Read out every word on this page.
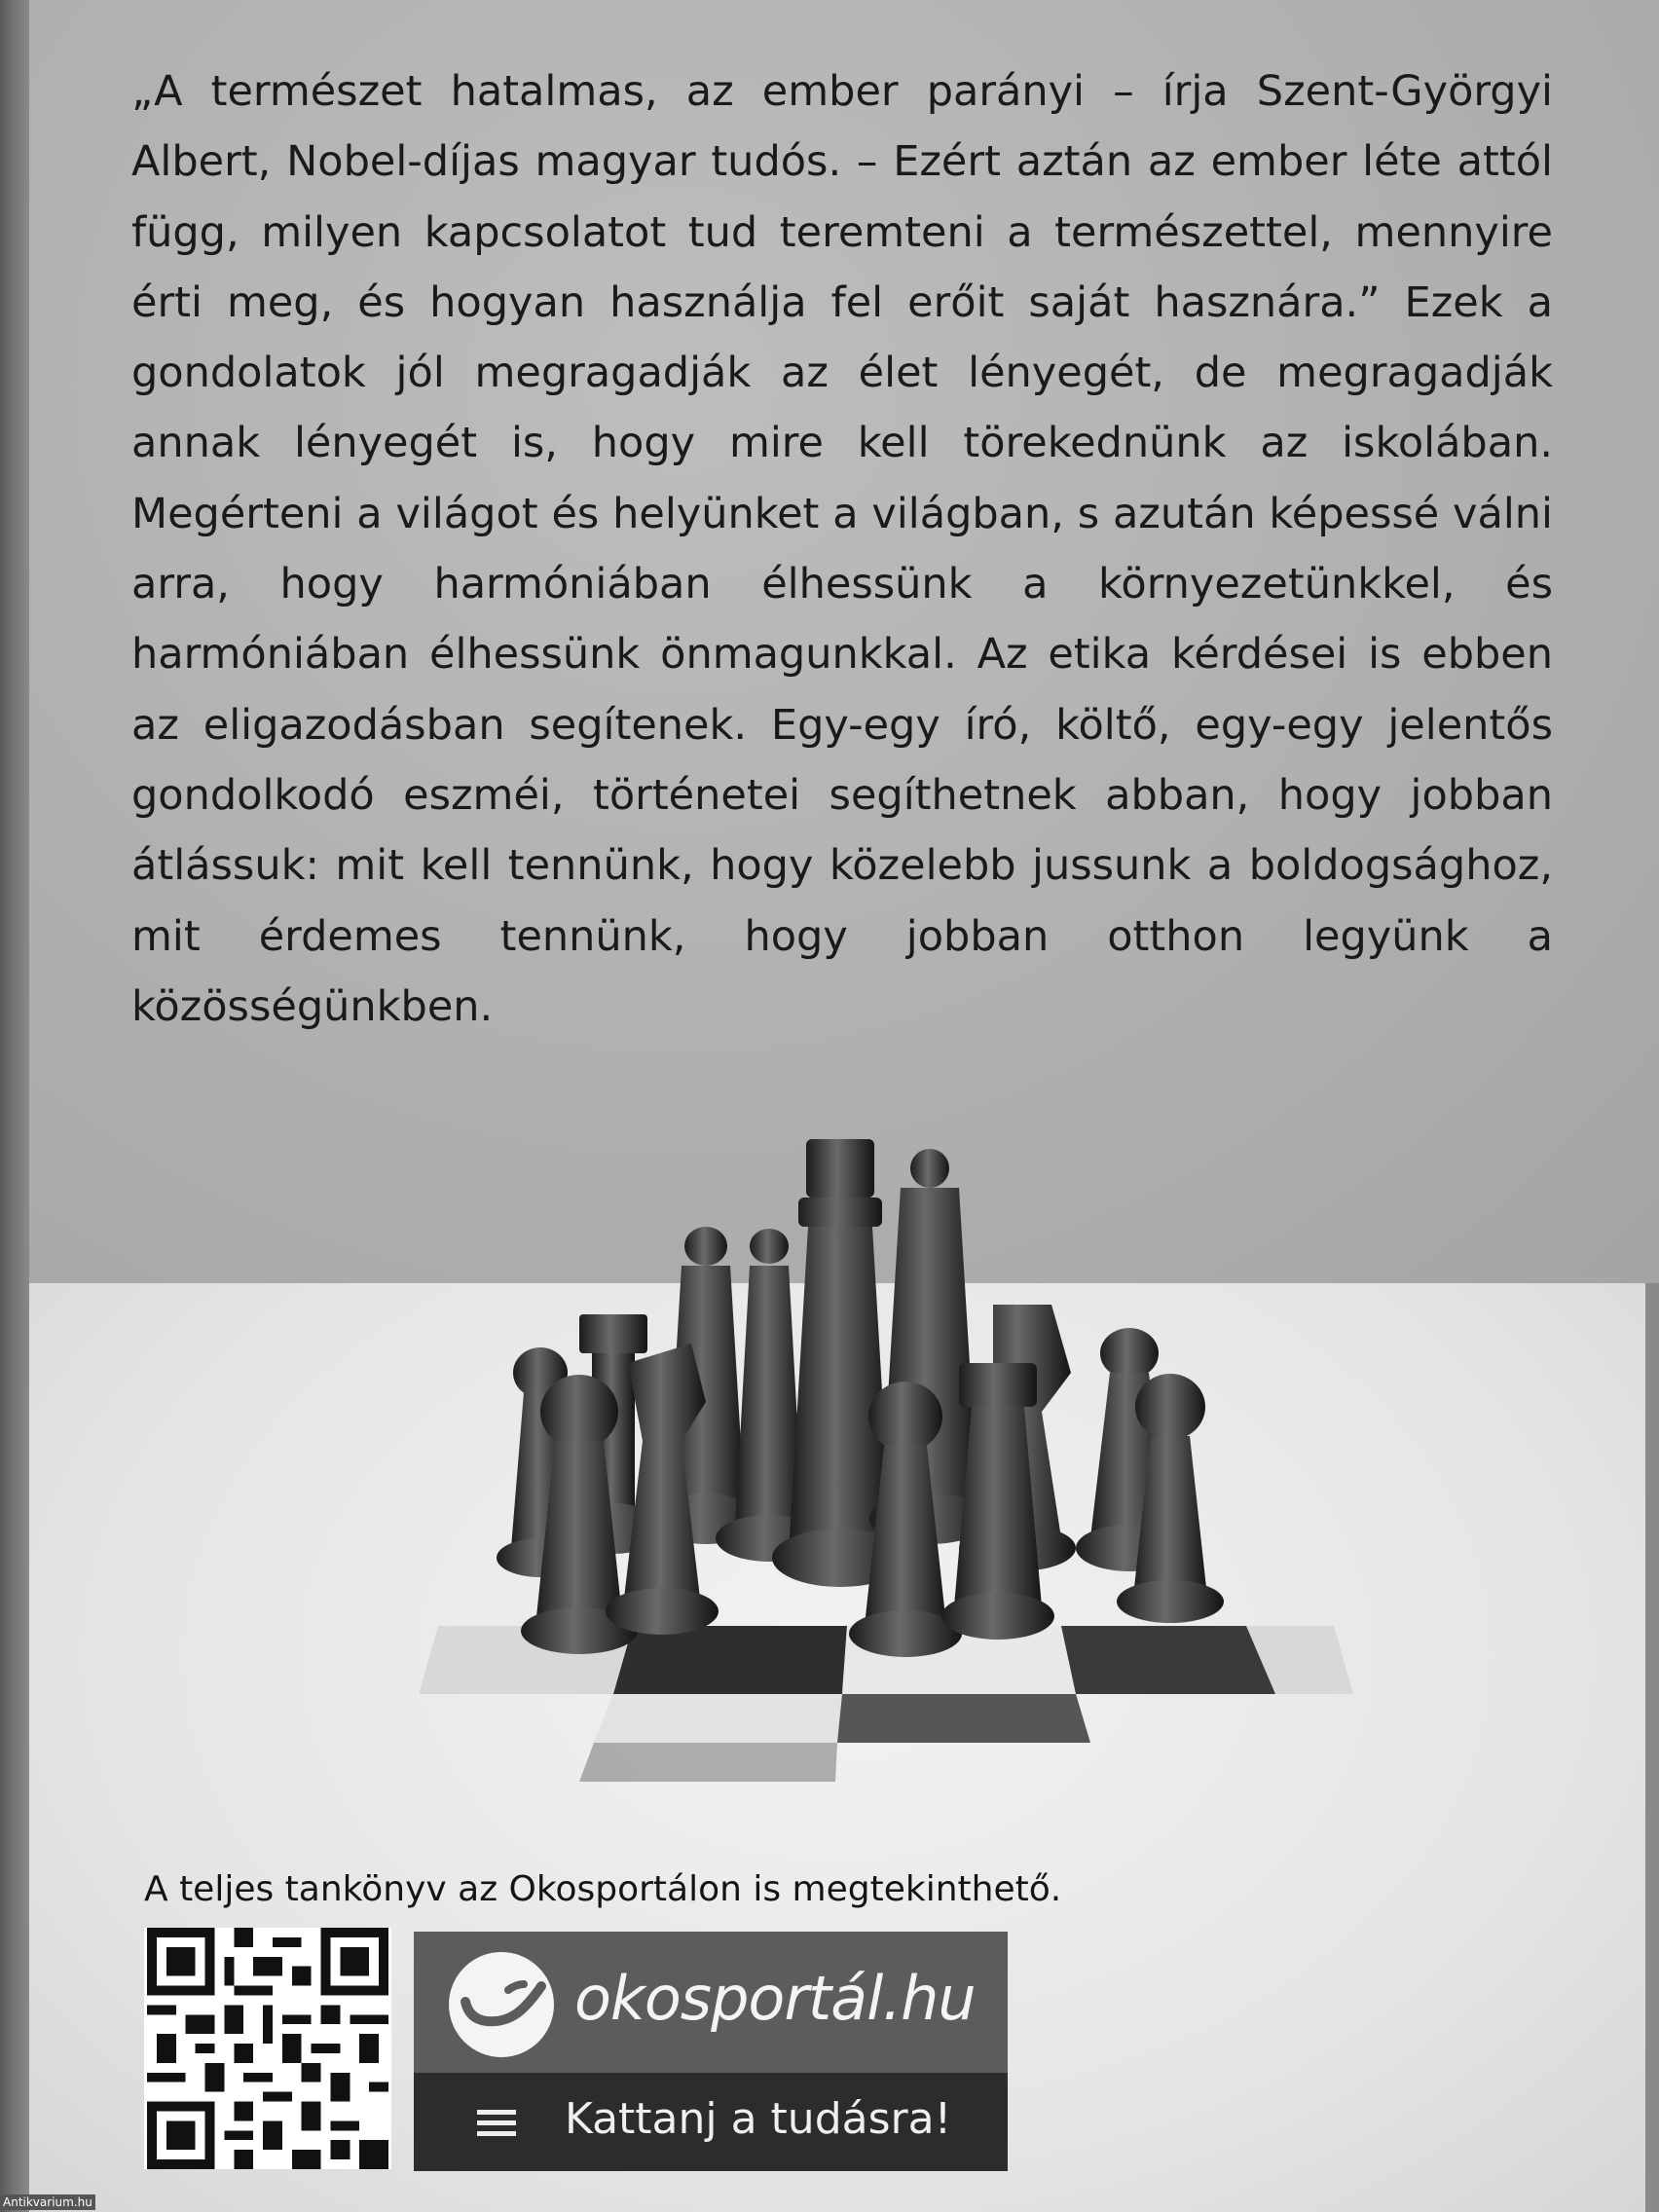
„A természet hatalmas, az ember parányi – írja Szent-Györgyi Albert, Nobel-díjas magyar tudós. – Ezért aztán az ember léte attól függ, milyen kapcsolatot tud teremteni a természettel, mennyire érti meg, és hogyan használja fel erőit saját hasznára.” Ezek a gondolatok jól megragadják az élet lényegét, de megragadják annak lényegét is, hogy mire kell törekednünk az iskolában. Megérteni a világot és helyünket a világban, s azután képessé válni arra, hogy harmóniában élhessünk a környezetünkkel, és harmóniában élhessünk önmagunkkal. Az etika kérdései is ebben az eligazodásban segítenek. Egy-egy író, költő, egy-egy jelentős gondolkodó eszméi, történetei segíthetnek abban, hogy jobban átlássuk: mit kell tennünk, hogy közelebb jussunk a boldogsághoz, mit érdemes tennünk, hogy jobban otthon legyünk a közösségünkben.

A teljes tankönyv az Okosportálon is megtekinthető.
okosportál.hu
Kattanj a tudásra!
Antikvarium.hu
